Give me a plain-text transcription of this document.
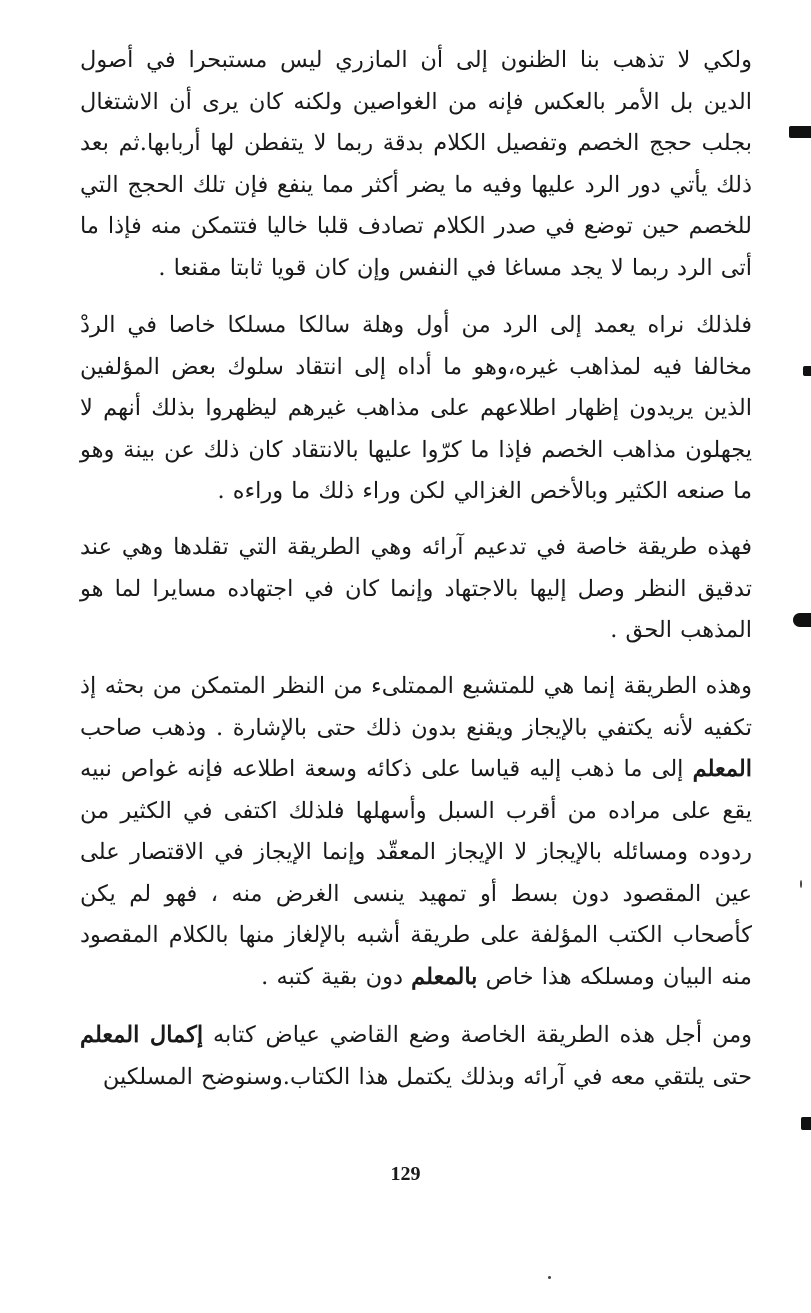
ولكي لا تذهب بنا الظنون إلى أن المازري ليس مستبحرا في أصول الدين بل الأمر بالعكس فإنه من الغواصين ولكنه كان يرى أن الاشتغال بجلب حجج الخصم وتفصيل الكلام بدقة ربما لا يتفطن لها أربابها.ثم بعد ذلك يأتي دور الرد عليها وفيه ما يضر أكثر مما ينفع فإن تلك الحجج التي للخصم حين توضع في صدر الكلام تصادف قلبا خاليا فتتمكن منه فإذا ما أتى الرد ربما لا يجد مساغا في النفس وإن كان قويا ثابتا مقنعا .

فلذلك نراه يعمد إلى الرد من أول وهلة سالكا مسلكا خاصا في الردْ مخالفا فيه لمذاهب غيره،وهو ما أداه إلى انتقاد سلوك بعض المؤلفين الذين يريدون إظهار اطلاعهم على مذاهب غيرهم ليظهروا بذلك أنهم لا يجهلون مذاهب الخصم فإذا ما كرّوا عليها بالانتقاد كان ذلك عن بينة وهو ما صنعه الكثير وبالأخص الغزالي لكن وراء ذلك ما وراءه .

فهذه طريقة خاصة في تدعيم آرائه وهي الطريقة التي تقلدها وهي عند تدقيق النظر وصل إليها بالاجتهاد وإنما كان في اجتهاده مسايرا لما هو المذهب الحق .

وهذه الطريقة إنما هي للمتشبع الممتلىء من النظر المتمكن من بحثه إذ تكفيه لأنه يكتفي بالإيجاز ويقنع بدون ذلك حتى بالإشارة . وذهب صاحب المعلم إلى ما ذهب إليه قياسا على ذكائه وسعة اطلاعه فإنه غواص نبيه يقع على مراده من أقرب السبل وأسهلها فلذلك اكتفى في الكثير من ردوده ومسائله بالإيجاز لا الإيجاز المعقّد وإنما الإيجاز في الاقتصار على عين المقصود دون بسط أو تمهيد ينسى الغرض منه ، فهو لم يكن كأصحاب الكتب المؤلفة على طريقة أشبه بالإلغاز منها بالكلام المقصود منه البيان ومسلكه هذا خاص بالمعلم دون بقية كتبه .

ومن أجل هذه الطريقة الخاصة وضع القاضي عياض كتابه إكمال المعلم حتى يلتقي معه في آرائه وبذلك يكتمل هذا الكتاب.وسنوضح المسلكين

129
